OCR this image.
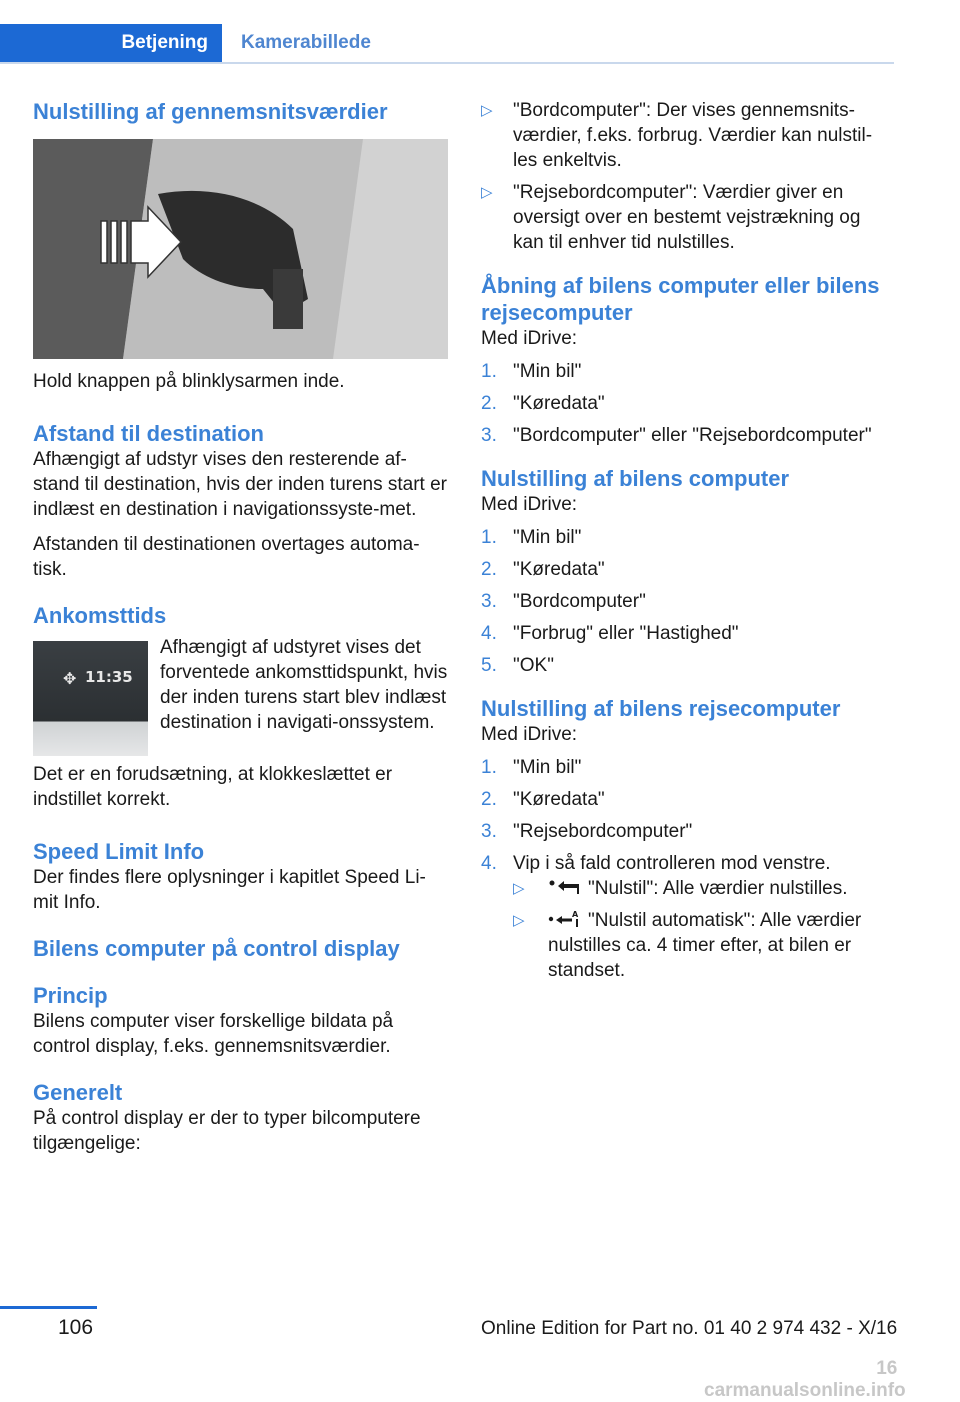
Betjening	Kamerabillede
Nulstilling af gennemsnitsværdier

Hold knappen på blinklysarmen inde.

Afstand til destination

Afhængigt af udstyr vises den resterende af-stand til destination, hvis der inden turens start er indlæst en destination i navigationssyste-met.

Afstanden til destinationen overtages automa-tisk.

Ankomsttids
✥ 11:35

Afhængigt af udstyret vises det forventede ankomsttidspunkt, hvis der inden turens start blev indlæst destination i navigati-onssystem.

Det er en forudsætning, at klokkeslættet er indstillet korrekt.

Speed Limit Info

Der findes flere oplysninger i kapitlet Speed Li-mit Info.

Bilens computer på control display
Princip

Bilens computer viser forskellige bildata på control display, f.eks. gennemsnitsværdier.

Generelt

På control display er der to typer bilcomputere tilgængelige:

▷	"Bordcomputer": Der vises gennemsnits-værdier, f.eks. forbrug. Værdier kan nulstil-les enkeltvis.
▷	"Rejsebordcomputer": Værdier giver en oversigt over en bestemt vejstrækning og kan til enhver tid nulstilles.
Åbning af bilens computer eller bilens rejsecomputer

Med iDrive:

1. "Min bil"
2. "Køredata"
3. "Bordcomputer" eller "Rejsebordcomputer"
Nulstilling af bilens computer

Med iDrive:

1. "Min bil"
2. "Køredata"
3. "Bordcomputer"
4. "Forbrug" eller "Hastighed"
5. "OK"
Nulstilling af bilens rejsecomputer

Med iDrive:

1. "Min bil"
2. "Køredata"
3. "Rejsebordcomputer"
4. Vip i så fald controlleren mod venstre.
▷	"Nulstil": Alle værdier nulstilles.
▷	A "Nulstil automatisk": Alle værdier nulstilles ca. 4 timer efter, at bilen er standset.
106	Online Edition for Part no. 01 40 2 974 432 - X/16
16 carmanualsonline.info
